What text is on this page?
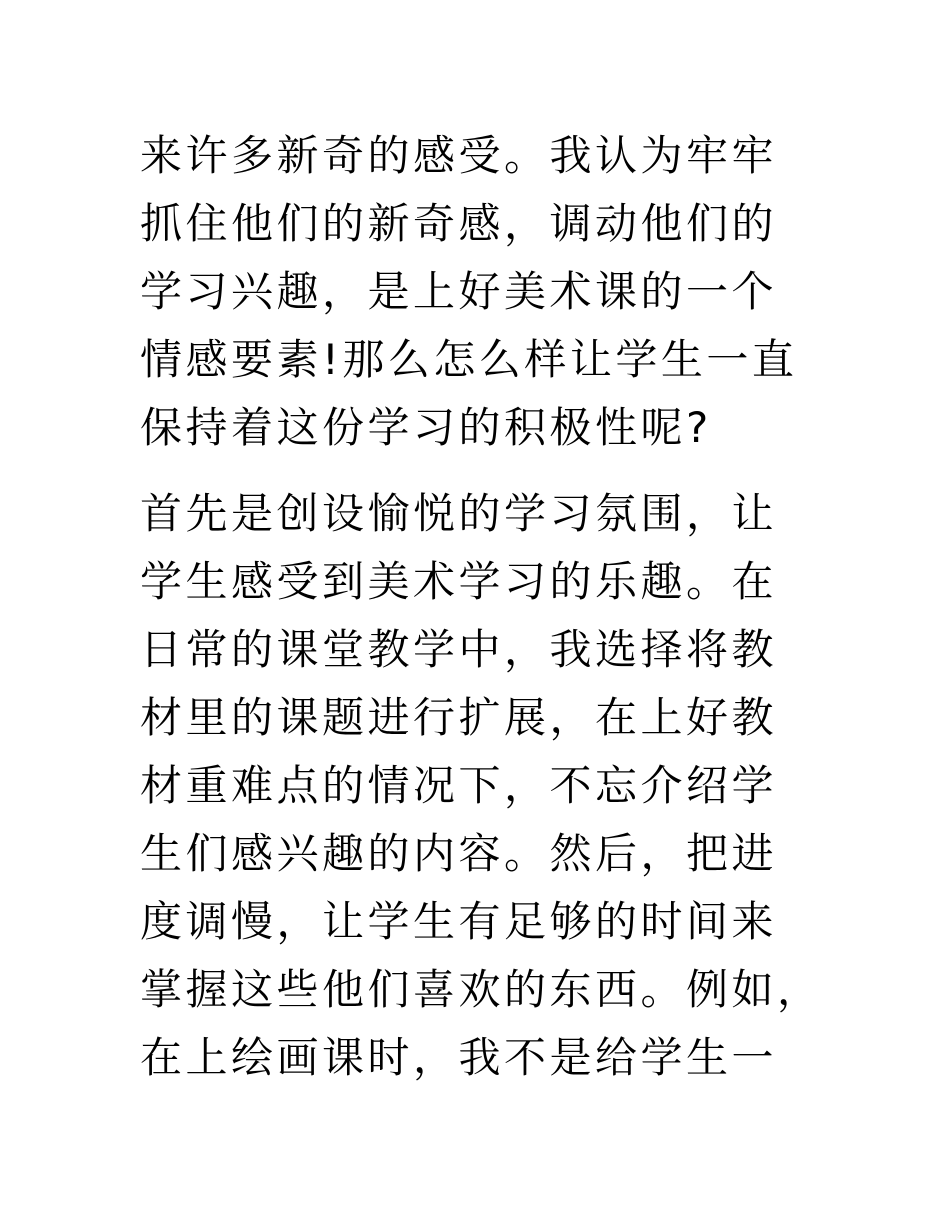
来许多新奇的感受。我认为牢牢
抓住他们的新奇感，调动他们的
学习兴趣，是上好美术课的一个
情感要素!那么怎么样让学生一直
保持着这份学习的积极性呢?
首先是创设愉悦的学习氛围，让
学生感受到美术学习的乐趣。在
日常的课堂教学中，我选择将教
材里的课题进行扩展，在上好教
材重难点的情况下，不忘介绍学
生们感兴趣的内容。然后，把进
度调慢，让学生有足够的时间来
掌握这些他们喜欢的东西。例如，
在上绘画课时，我不是给学生一
